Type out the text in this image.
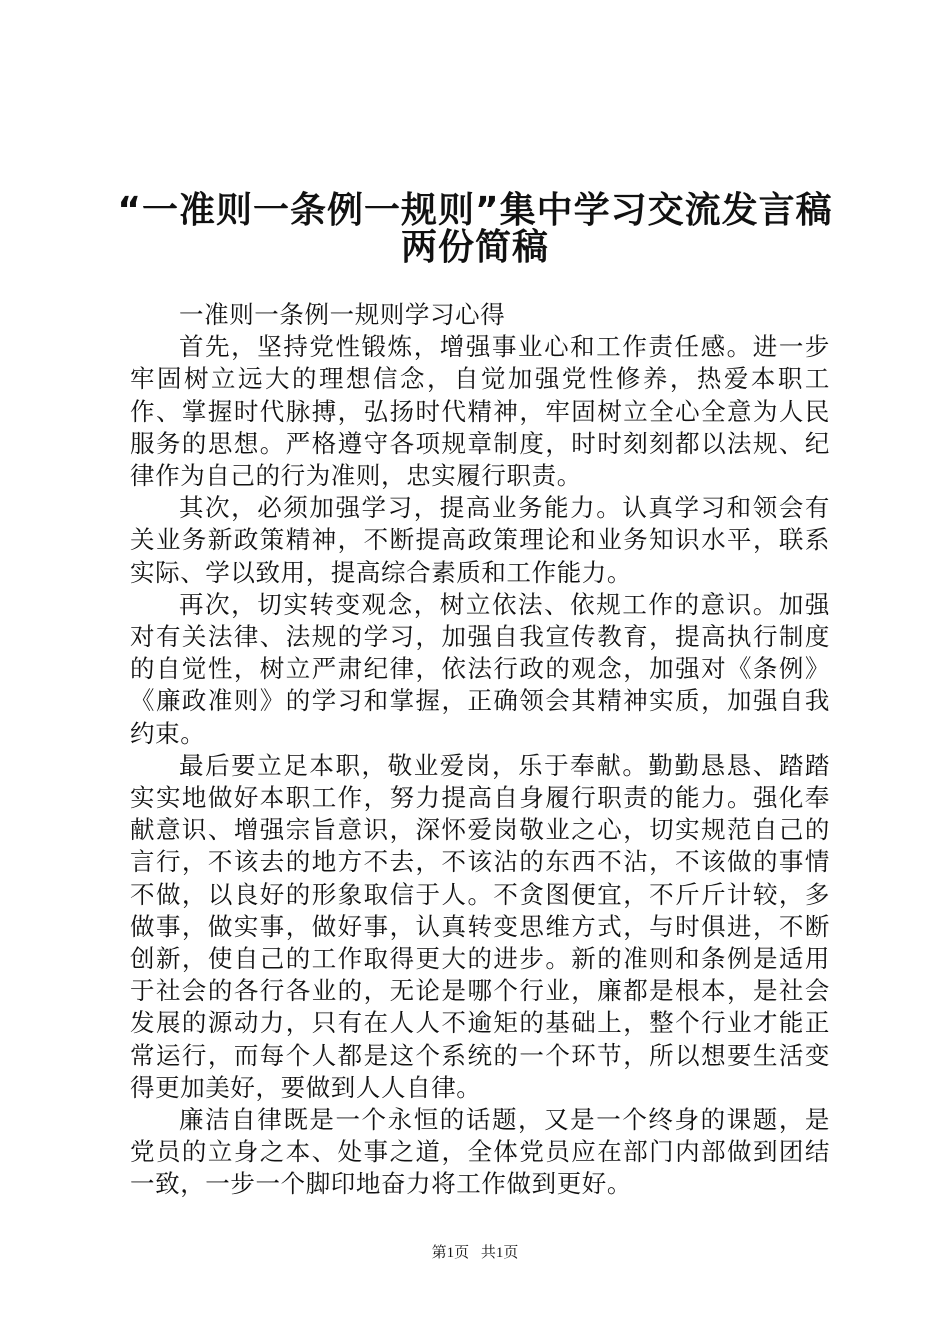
“一准则一条例一规则”集中学习交流发言稿
两份简稿

一准则一条例一规则学习心得

首先，坚持党性锻炼，增强事业心和工作责任感。进一步牢固树立远大的理想信念，自觉加强党性修养，热爱本职工作、掌握时代脉搏，弘扬时代精神，牢固树立全心全意为人民服务的思想。严格遵守各项规章制度，时时刻刻都以法规、纪律作为自己的行为准则，忠实履行职责。

其次，必须加强学习，提高业务能力。认真学习和领会有关业务新政策精神，不断提高政策理论和业务知识水平，联系实际、学以致用，提高综合素质和工作能力。

再次，切实转变观念，树立依法、依规工作的意识。加强对有关法律、法规的学习，加强自我宣传教育，提高执行制度的自觉性，树立严肃纪律，依法行政的观念，加强对《条例》《廉政准则》的学习和掌握，正确领会其精神实质，加强自我约束。

最后要立足本职，敬业爱岗，乐于奉献。勤勤恳恳、踏踏实实地做好本职工作，努力提高自身履行职责的能力。强化奉献意识、增强宗旨意识，深怀爱岗敬业之心，切实规范自己的言行，不该去的地方不去，不该沾的东西不沾，不该做的事情不做，以良好的形象取信于人。不贪图便宜，不斤斤计较，多做事，做实事，做好事，认真转变思维方式，与时俱进，不断创新，使自己的工作取得更大的进步。新的准则和条例是适用于社会的各行各业的，无论是哪个行业，廉都是根本，是社会发展的源动力，只有在人人不逾矩的基础上，整个行业才能正常运行，而每个人都是这个系统的一个环节，所以想要生活变得更加美好，要做到人人自律。

廉洁自律既是一个永恒的话题，又是一个终身的课题，是党员的立身之本、处事之道，全体党员应在部门内部做到团结一致，一步一个脚印地奋力将工作做到更好。

第1页 共1页
